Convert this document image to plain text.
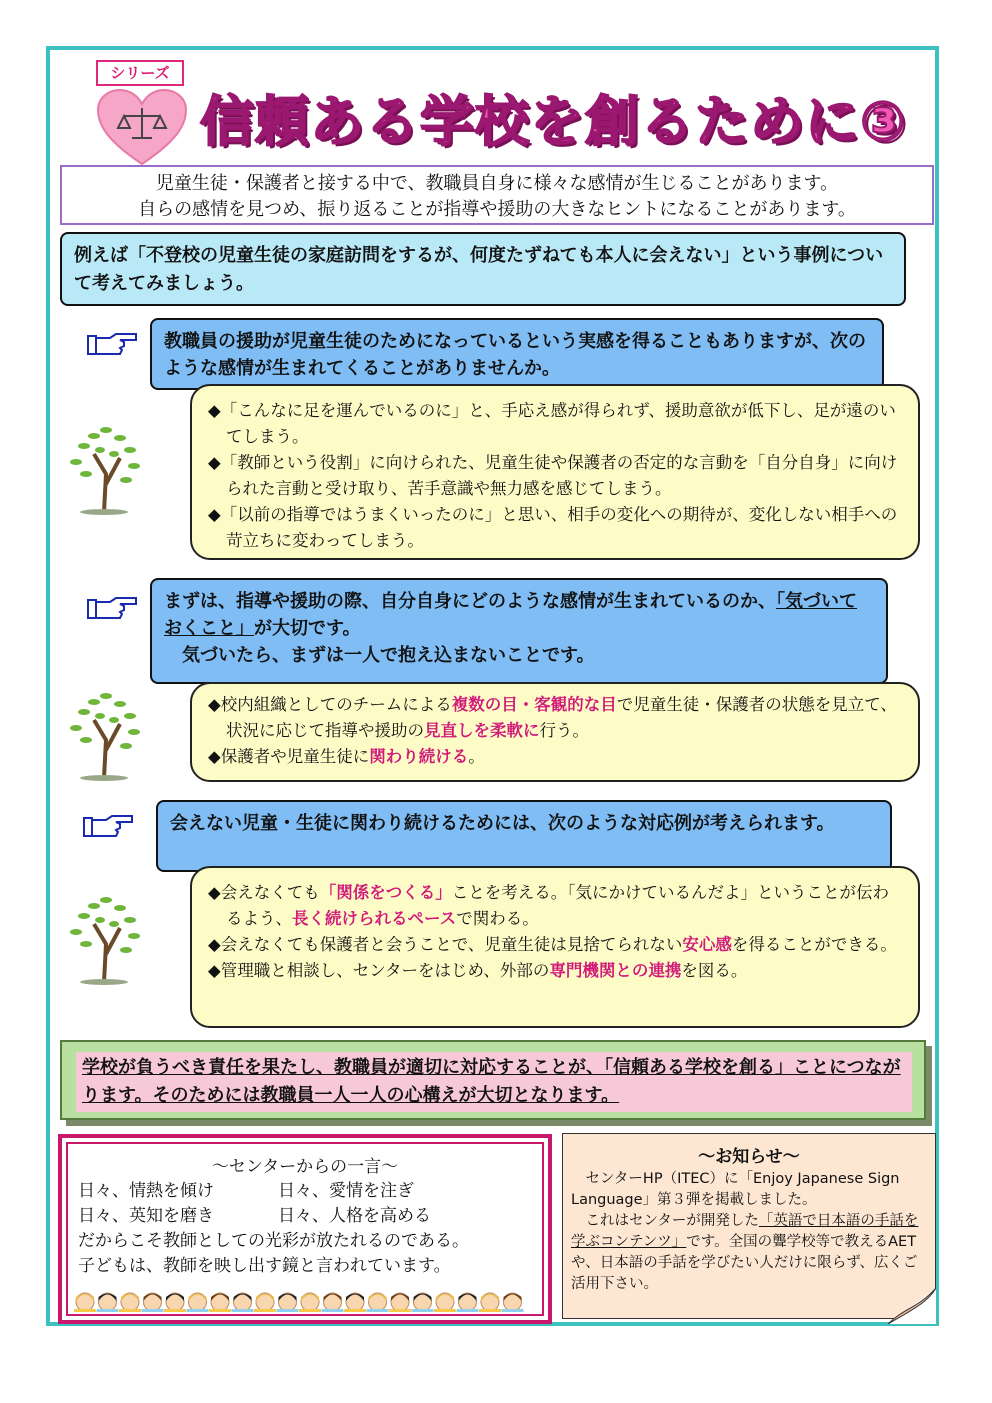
シリーズ
信頼ある学校を創るために③
児童生徒・保護者と接する中で、教職員自身に様々な感情が生じることがあります。
自らの感情を見つめ、振り返ることが指導や援助の大きなヒントになることがあります。
例えば「不登校の児童生徒の家庭訪問をするが、何度たずねても本人に会えない」という事例について考えてみましょう。
教職員の援助が児童生徒のためになっているという実感を得ることもありますが、次のような感情が生まれてくることがありませんか。

◆「こんなに足を運んでいるのに」と、手応え感が得られず、援助意欲が低下し、足が遠のいてしまう。

◆「教師という役割」に向けられた、児童生徒や保護者の否定的な言動を「自分自身」に向けられた言動と受け取り、苦手意識や無力感を感じてしまう。

◆「以前の指導ではうまくいったのに」と思い、相手の変化への期待が、変化しない相手への苛立ちに変わってしまう。

まずは、指導や援助の際、自分自身にどのような感情が生まれているのか、「気づいておくこと」が大切です。
気づいたら、まずは一人で抱え込まないことです。

◆校内組織としてのチームによる複数の目・客観的な目で児童生徒・保護者の状態を見立て、状況に応じて指導や援助の見直しを柔軟に行う。

◆保護者や児童生徒に関わり続ける。

会えない児童・生徒に関わり続けるためには、次のような対応例が考えられます。

◆会えなくても「関係をつくる」ことを考える。「気にかけているんだよ」ということが伝わるよう、長く続けられるペースで関わる。

◆会えなくても保護者と会うことで、児童生徒は見捨てられない安心感を得ることができる。

◆管理職と相談し、センターをはじめ、外部の専門機関との連携を図る。

学校が負うべき責任を果たし、教職員が適切に対応することが、「信頼ある学校を創る」ことにつながります。そのためには教職員一人一人の心構えが大切となります。
～センターからの一言～
日々、情熱を傾け	日々、愛情を注ぎ
日々、英知を磨き	日々、人格を高める
だからこそ教師としての光彩が放たれるのである。
子どもは、教師を映し出す鏡と言われています。
～お知らせ～
センターHP（ITEC）に「Enjoy Japanese Sign Language」第３弾を掲載しました。
これはセンターが開発した「英語で日本語の手話を学ぶコンテンツ」です。全国の聾学校等で教えるAETや、日本語の手話を学びたい人だけに限らず、広くご活用下さい。
